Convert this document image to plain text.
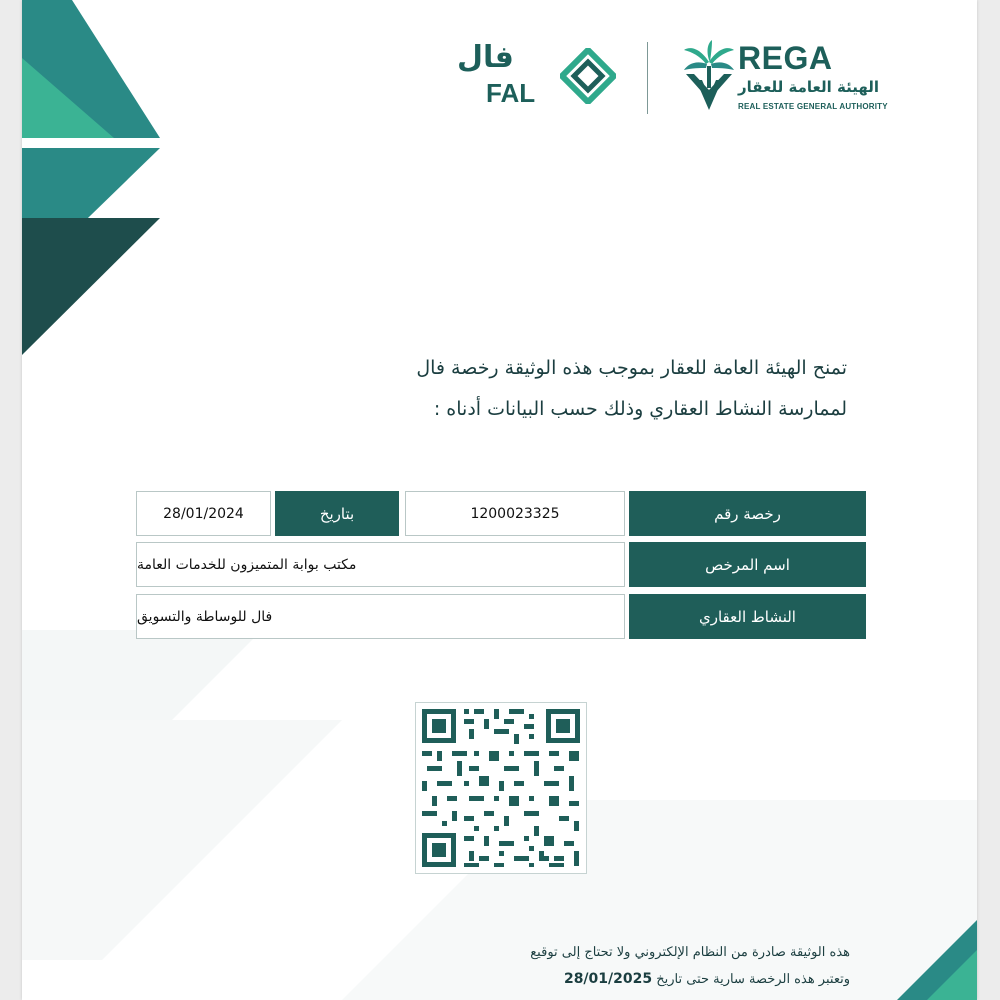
REGA
الهيئة العامة للعقار
REAL ESTATE GENERAL AUTHORITY
فال
FAL
تمنح الهيئة العامة للعقار بموجب هذه الوثيقة رخصة فال لممارسة النشاط العقاري وذلك حسب البيانات أدناه :
28/01/2024	بتاريخ	1200023325	رخصة رقم
مكتب بوابة المتميزون للخدمات العامة	اسم المرخص
فال للوساطة والتسويق	النشاط العقاري
هذه الوثيقة صادرة من النظام الإلكتروني ولا تحتاج إلى توقيع
وتعتبر هذه الرخصة سارية حتى تاريخ 28/01/2025
